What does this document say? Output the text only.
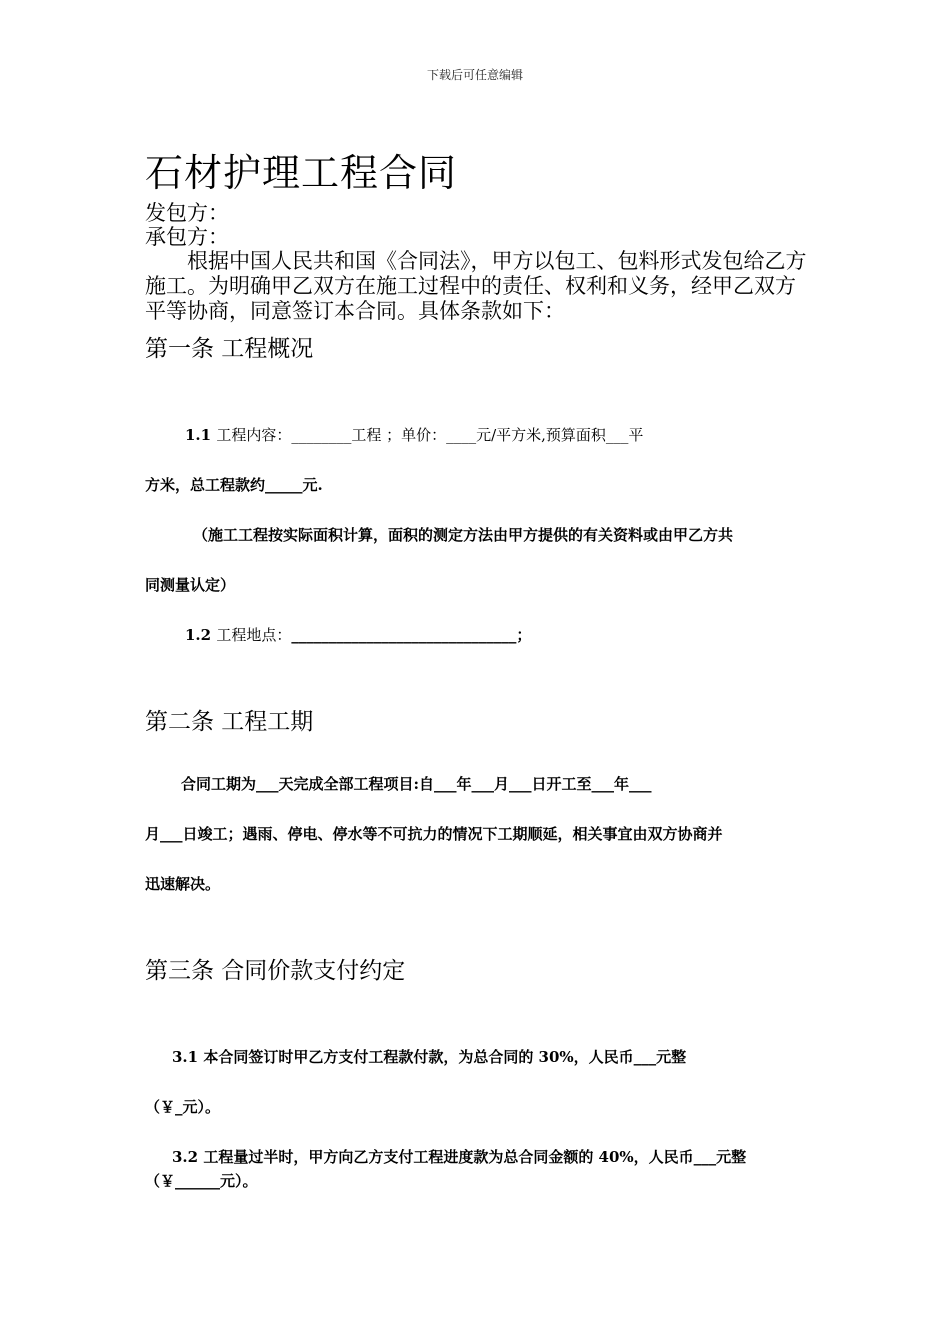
下载后可任意编辑
石材护理工程合同
发包方：
承包方：
根据中国人民共和国《合同法》，甲方以包工、包料形式发包给乙方施工。为明确甲乙双方在施工过程中的责任、权利和义务，经甲乙双方平等协商，同意签订本合同。具体条款如下：
第一条 工程概况
1.1 工程内容：________工程 ；单价：____元/平方米,预算面积___平
方米，总工程款约_____元.
（施工工程按实际面积计算，面积的测定方法由甲方提供的有关资料或由甲乙方共
同测量认定）
1.2 工程地点：______________________________；
第二条 工程工期
合同工期为___天完成全部工程项目:自___年___月___日开工至___年___
月___日竣工；遇雨、停电、停水等不可抗力的情况下工期顺延，相关事宜由双方协商并
迅速解决。
第三条 合同价款支付约定
3.1 本合同签订时甲乙方支付工程款付款，为总合同的 30%，人民币___元整
（￥_元）。
3.2 工程量过半时，甲方向乙方支付工程进度款为总合同金额的 40%，人民币___元整
（￥______元）。
